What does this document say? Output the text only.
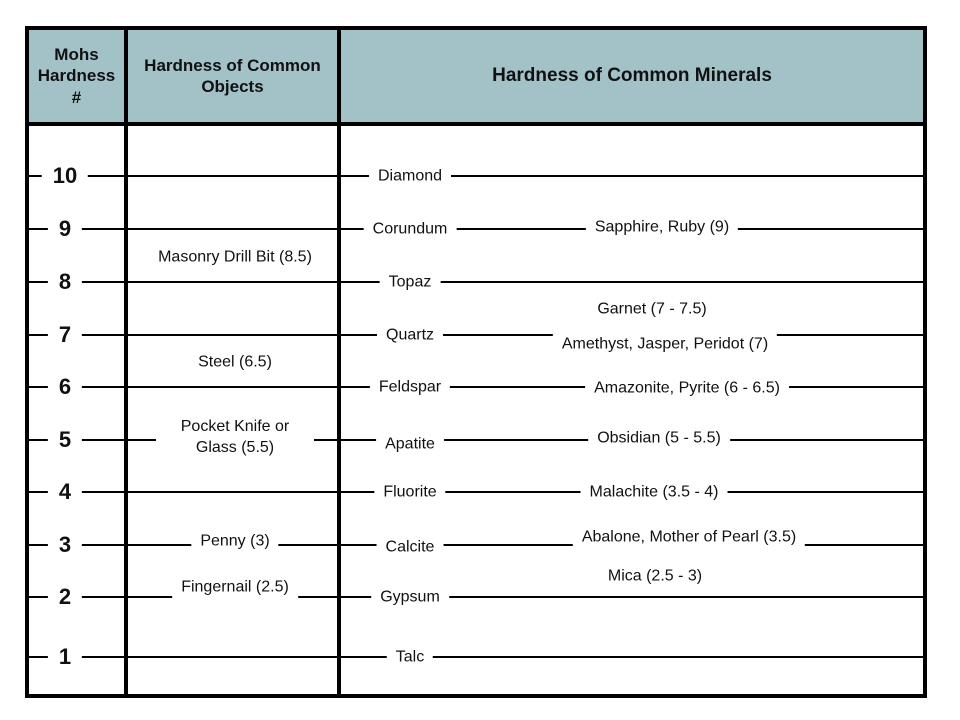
Mohs Hardness #
Hardness of Common Objects
Hardness of Common Minerals
10
9
8
7
6
5
4
3
2
1
Masonry Drill Bit (8.5)
Steel (6.5)
Pocket Knife or Glass (5.5)
Penny (3)
Fingernail (2.5)
Diamond
Corundum
Topaz
Quartz
Feldspar
Apatite
Fluorite
Calcite
Gypsum
Talc
Sapphire, Ruby (9)
Garnet (7 - 7.5)
Amethyst, Jasper, Peridot (7)
Amazonite, Pyrite (6 - 6.5)
Obsidian (5 - 5.5)
Malachite (3.5 - 4)
Abalone, Mother of Pearl (3.5)
Mica (2.5 - 3)
